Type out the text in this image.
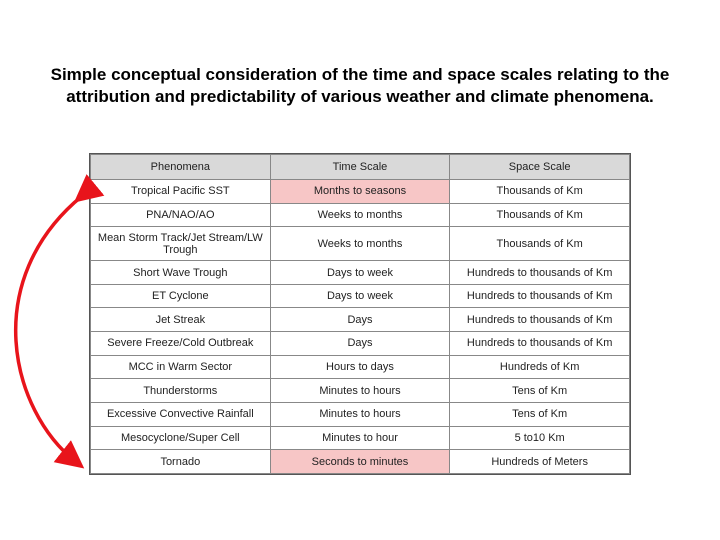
Simple conceptual consideration of the time and space scales relating to the attribution and predictability of various weather and climate phenomena.
Phenomena	Time Scale	Space Scale
Tropical Pacific SST	Months to seasons	Thousands of Km
PNA/NAO/AO	Weeks to months	Thousands of Km
Mean Storm Track/Jet Stream/LW Trough	Weeks to months	Thousands of Km
Short Wave Trough	Days to week	Hundreds to thousands of Km
ET Cyclone	Days to week	Hundreds to thousands of Km
Jet Streak	Days	Hundreds to thousands of Km
Severe Freeze/Cold Outbreak	Days	Hundreds to thousands of Km
MCC in Warm Sector	Hours to days	Hundreds of Km
Thunderstorms	Minutes to hours	Tens of Km
Excessive Convective Rainfall	Minutes to hours	Tens of Km
Mesocyclone/Super Cell	Minutes to hour	5 to10 Km
Tornado	Seconds to minutes	Hundreds of Meters
